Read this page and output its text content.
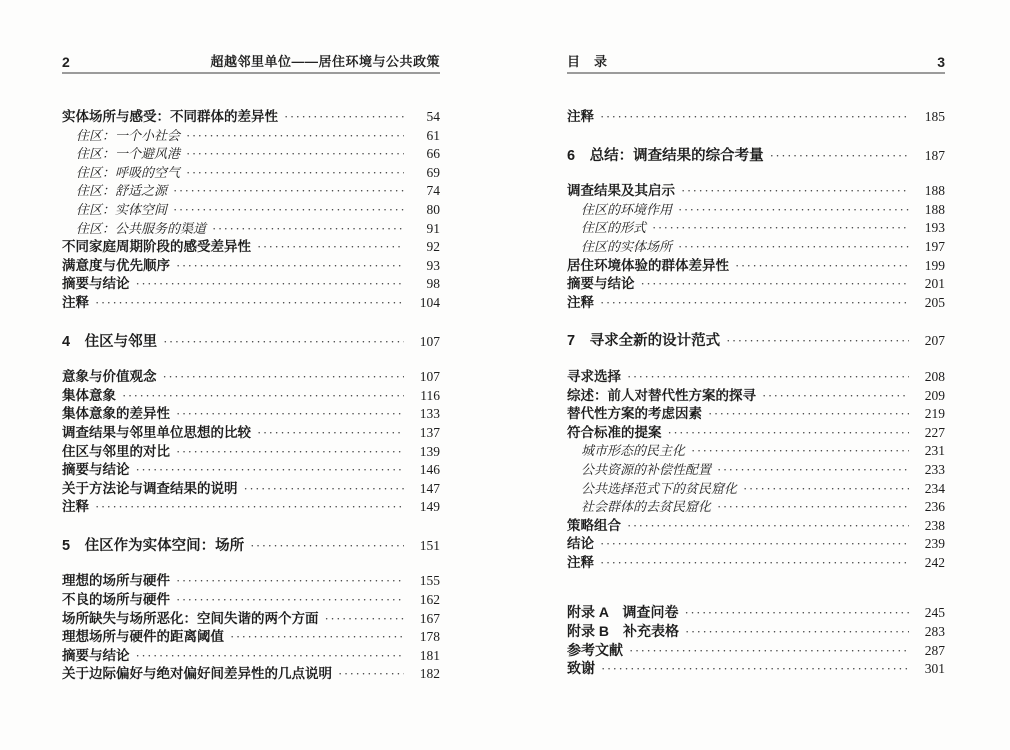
2	超越邻里单位——居住环境与公共政策
实体场所与感受：不同群体的差异性 ·····	54
住区：一个小社会 ·····	61
住区：一个避风港 ·····	66
住区：呼吸的空气 ·····	69
住区：舒适之源 ·····	74
住区：实体空间 ·····	80
住区：公共服务的渠道 ·····	91
不同家庭周期阶段的感受差异性 ·····	92
满意度与优先顺序 ·····	93
摘要与结论 ·····	98
注释 ·····	104
4　住区与邻里 ·····	107
意象与价值观念 ·····	107
集体意象 ·····	116
集体意象的差异性 ·····	133
调查结果与邻里单位思想的比较 ·····	137
住区与邻里的对比 ·····	139
摘要与结论 ·····	146
关于方法论与调查结果的说明 ·····	147
注释 ·····	149
5　住区作为实体空间：场所 ·····	151
理想的场所与硬件 ·····	155
不良的场所与硬件 ·····	162
场所缺失与场所恶化：空间失谐的两个方面 ·····	167
理想场所与硬件的距离阈值 ·····	178
摘要与结论 ·····	181
关于边际偏好与绝对偏好间差异性的几点说明 ·····	182
目　录	3
注释 ·····	185
6　总结：调查结果的综合考量 ·····	187
调查结果及其启示 ·····	188
住区的环境作用 ·····	188
住区的形式 ·····	193
住区的实体场所 ·····	197
居住环境体验的群体差异性 ·····	199
摘要与结论 ·····	201
注释 ·····	205
7　寻求全新的设计范式 ·····	207
寻求选择 ·····	208
综述：前人对替代性方案的探寻 ·····	209
替代性方案的考虑因素 ·····	219
符合标准的提案 ·····	227
城市形态的民主化 ·····	231
公共资源的补偿性配置 ·····	233
公共选择范式下的贫民窟化 ·····	234
社会群体的去贫民窟化 ·····	236
策略组合 ·····	238
结论 ·····	239
注释 ·····	242
附录 A　调查问卷 ·····	245
附录 B　补充表格 ·····	283
参考文献 ·····	287
致谢 ·····	301
